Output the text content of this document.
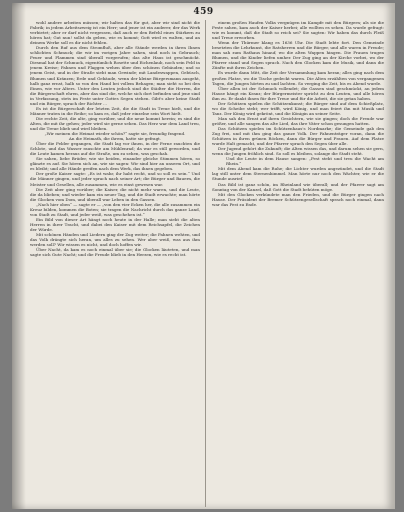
459

wohl andere arbeiten müssen; wir halten das für gut, aber wir sind nicht die Fabrik; in jedem Arbeitszweig ist ein Herr; und jener ist ein anderer, der das Werk verbietet; aber er darf nicht vergessen, daß auch er den Befehl eines Stärkern zu hören hat; Gut nun! sollst du geben, wie es kommt; Gott wird es walten, und an deinem Werke soll es dir nicht fehlen.

Durch den Ruf aus dem Stromfluß, aber alle Stände werden in ihren Ihnen schlichten Schmuck; die wir im vorigen Jahre sahen, sind noch in Gebrauch; Feuer und Flammen sind überall vorgerufen; das alte Haus ist geschmückt. Diesmal hat der Schmuck, eigentümlich Rosette und Eichenlaub, noch sein Feld in jenem Kreise; Fahnen und Flaggen wehen über den schönen Gebäuden; und so jenem Geist, und in der Straße sieht man Gewinde; mit Landeswappen, Gebüsch, Blumen und Kränzen; Erde und Gebäude, wenn der kleine Bürgersmann ausgeht, halb ganz ernst, halb so von den Hand bei vollem Behagen; man sieht so bei den Einen, wie vor Alters. Unter den Leuten jedoch sind die Städter die Herren, die die Bürgerschaft ehren, aber das sind die, welche sich dort befinden und jene sind in Verfassung, stets im Feste unter Gottes Segen stehen. Gibt's aber keine Stadt und ein Bürger, sprach der Richter ...

Es ist die Bürgerschaft der letzten Zeit, die die Stadt in Treue hielt, und die Männer traten in die Reihe; so kam es, daß jeder einzelne sein Wort hielt.

Die rechte Zeit, die alte, ging vorüber, und die neue kommt herein; es sind die Alten, die mit ihr gehen; jeder wird sie gerne sehen. Das Herz war dem Land treu, und die Treue blieb und wird bleiben.

„Wir meinen die Heimat wieder schön?“ sagte sie, freundig fragend.

An die Heimath, die ihrem, hatte sie gefragt.

Über die Felder gegangen, die Stadt lag vor ihnen, in der Ferne rauchten die Schlote, und das Wasser rauschte am Mühlenrad; da war es still geworden, und die Leute kamen heraus auf die Straße, um zu sehen, was geschah.

Sie sahen, liebe Brüder, wie sie beiden, einander gleiche Stimmen hören, so glänzte es auf. Sie hören sich an, wie sie sagen: Wir sind hier an unserm Ort, und es bleibt; und alle Hände greifen nach dem Werk, das ihnen gegeben.

Der große Kaiser sagte: „Es ist wahr, ihr habt recht, und so soll es sein.“ Und die Männer gingen, und jeder sprach nach seiner Art; die Bürger und Bauern, die Meister und Gesellen, alle zusammen, wie es einst gewesen war.

Die Zeit aber ging vorüber; die Kaiser, die nicht mehr waren, und die Leute, die da blieben; und wieder kam ein neuer Tag, und die Stadt erwachte; man hörte die Glocken vom Dom, und überall war Leben in den Gassen.

„Nach hier oben“ — sagte er — „von den vier Ecken her, die alle zusammen ein Kreuz bilden, kommen die Boten; sie tragen die Nachricht durch das ganze Land, von Stadt zu Stadt, und jeder weiß, was geschehen ist.“

Ein Bild von dieser Art hängt noch heute in der Halle; man sieht die alten Herren in ihrer Tracht, und dabei den Kaiser mit dem Reichsapfel, die Zeichen der Würde.

Mit schönen Händen und Liedern ging der Zug weiter; die Fahnen wehten, und das Volk drängte sich heran, um alles zu sehen. Wer aber weiß, was aus ihm werden soll? Wir wissen es nicht, und doch hoffen wir.

Über Nacht, da kam es noch einmal über sie; die Glocken läuteten, und man sagte sich Gute Nacht; und die Freude blieb in den Herzen, wie es recht ist.

einem großen Haufen Volks vergnügen im Kampfe mit den Bürgern; als sie die Feste sahen, kam auch der Kaiser herbei; alle wollten es sehen. Da wurde gefragt: wie es kommt, daß die Stadt so reich sei? Sie sagten: Wir haben das durch Fleiß und Treue erworben.

Wenn der Thürmer klang es 1636 Uhr. Die Stadt lebte fort. Den Gemeinde besetzten die Lehrkunst, die Ratsherren und die Bürger, und alle waren in Freude; man sah zum Rathaus hinauf, wo die alten Wappen hingen. Die Frauen trugen Blumen, und die Kinder liefen umher. Der Zug ging an der Kirche vorbei, wo der Pfarrer stand und Segen sprach. Nach den Glocken kam die Musik, und dann die Zünfte mit ihren Zeichen.

Es wurde dann Mitt, die Zeit der Versammlung kam heran; alles ging nach dem großen Platze, wo die Tische gedeckt waren. Die Alten erzählten von vergangenen Tagen, die Jungen hörten zu und lachten. So verging die Zeit, bis es Abend wurde.

Über allen ist der Schmuck vollendet; die Gassen sind geschmückt, an jedem Hause hängt ein Kranz; der Bürgermeister spricht zu den Leuten, und alle hören ihm zu. Er dankt ihnen für ihre Treue und für die Arbeit, die sie getan haben.

Der Schützen spielen die Schützenkunst; die Bürger sind auf dem Schießplatz, wo die Scheibe steht; wer trifft, wird König, und man feiert ihn mit Musik und Tanz. Der König wird gekrönt, und die Königin an seiner Seite.

Man sah den Ernst auf ihren Gesichtern, wie sie gingen; doch die Freude war größer, und alle sangen das alte Lied, das ihre Väter schon gesungen hatten.

Das Schützen spielen im Schützenhaus's Nordmarke; die Gemeinde gab den Zug frei, und mit ihm ging das ganze Volk. Der Fahnenträger voran, dann die Schützen in ihren grünen Röcken, dann die Bürger und Frauen. Auf dem Platze wurde Halt gemacht, und der Pfarrer sprach den Segen über alle.

Der Jugend gehört die Zukunft; die Alten wissen das, und darum sehen sie gern, wenn die Jungen fröhlich sind. So soll es bleiben, solange die Stadt steht.

Und die Leute in dem Hause sangen: „Fest steht und treu die Wacht am Rhein.“

Mit dem Abend kam die Ruhe; die Lichter wurden angezündet, und die Stadt lag still unter dem Sternenhimmel. Man hörte nur noch den Wächter, wie er die Stunde ausrief.

Das Bild ist ganz schön, im Rheinland wie überall; und der Pfarrer sagt am Sonntag von der Kanzel, daß Gott die Stadt behüten möge.

Mit den Glocken verkündete man den Frieden, und die Bürger gingen nach Hause. Der Präsident der Bremer Schützengesellschaft sprach noch einmal, dann war das Fest zu Ende.
